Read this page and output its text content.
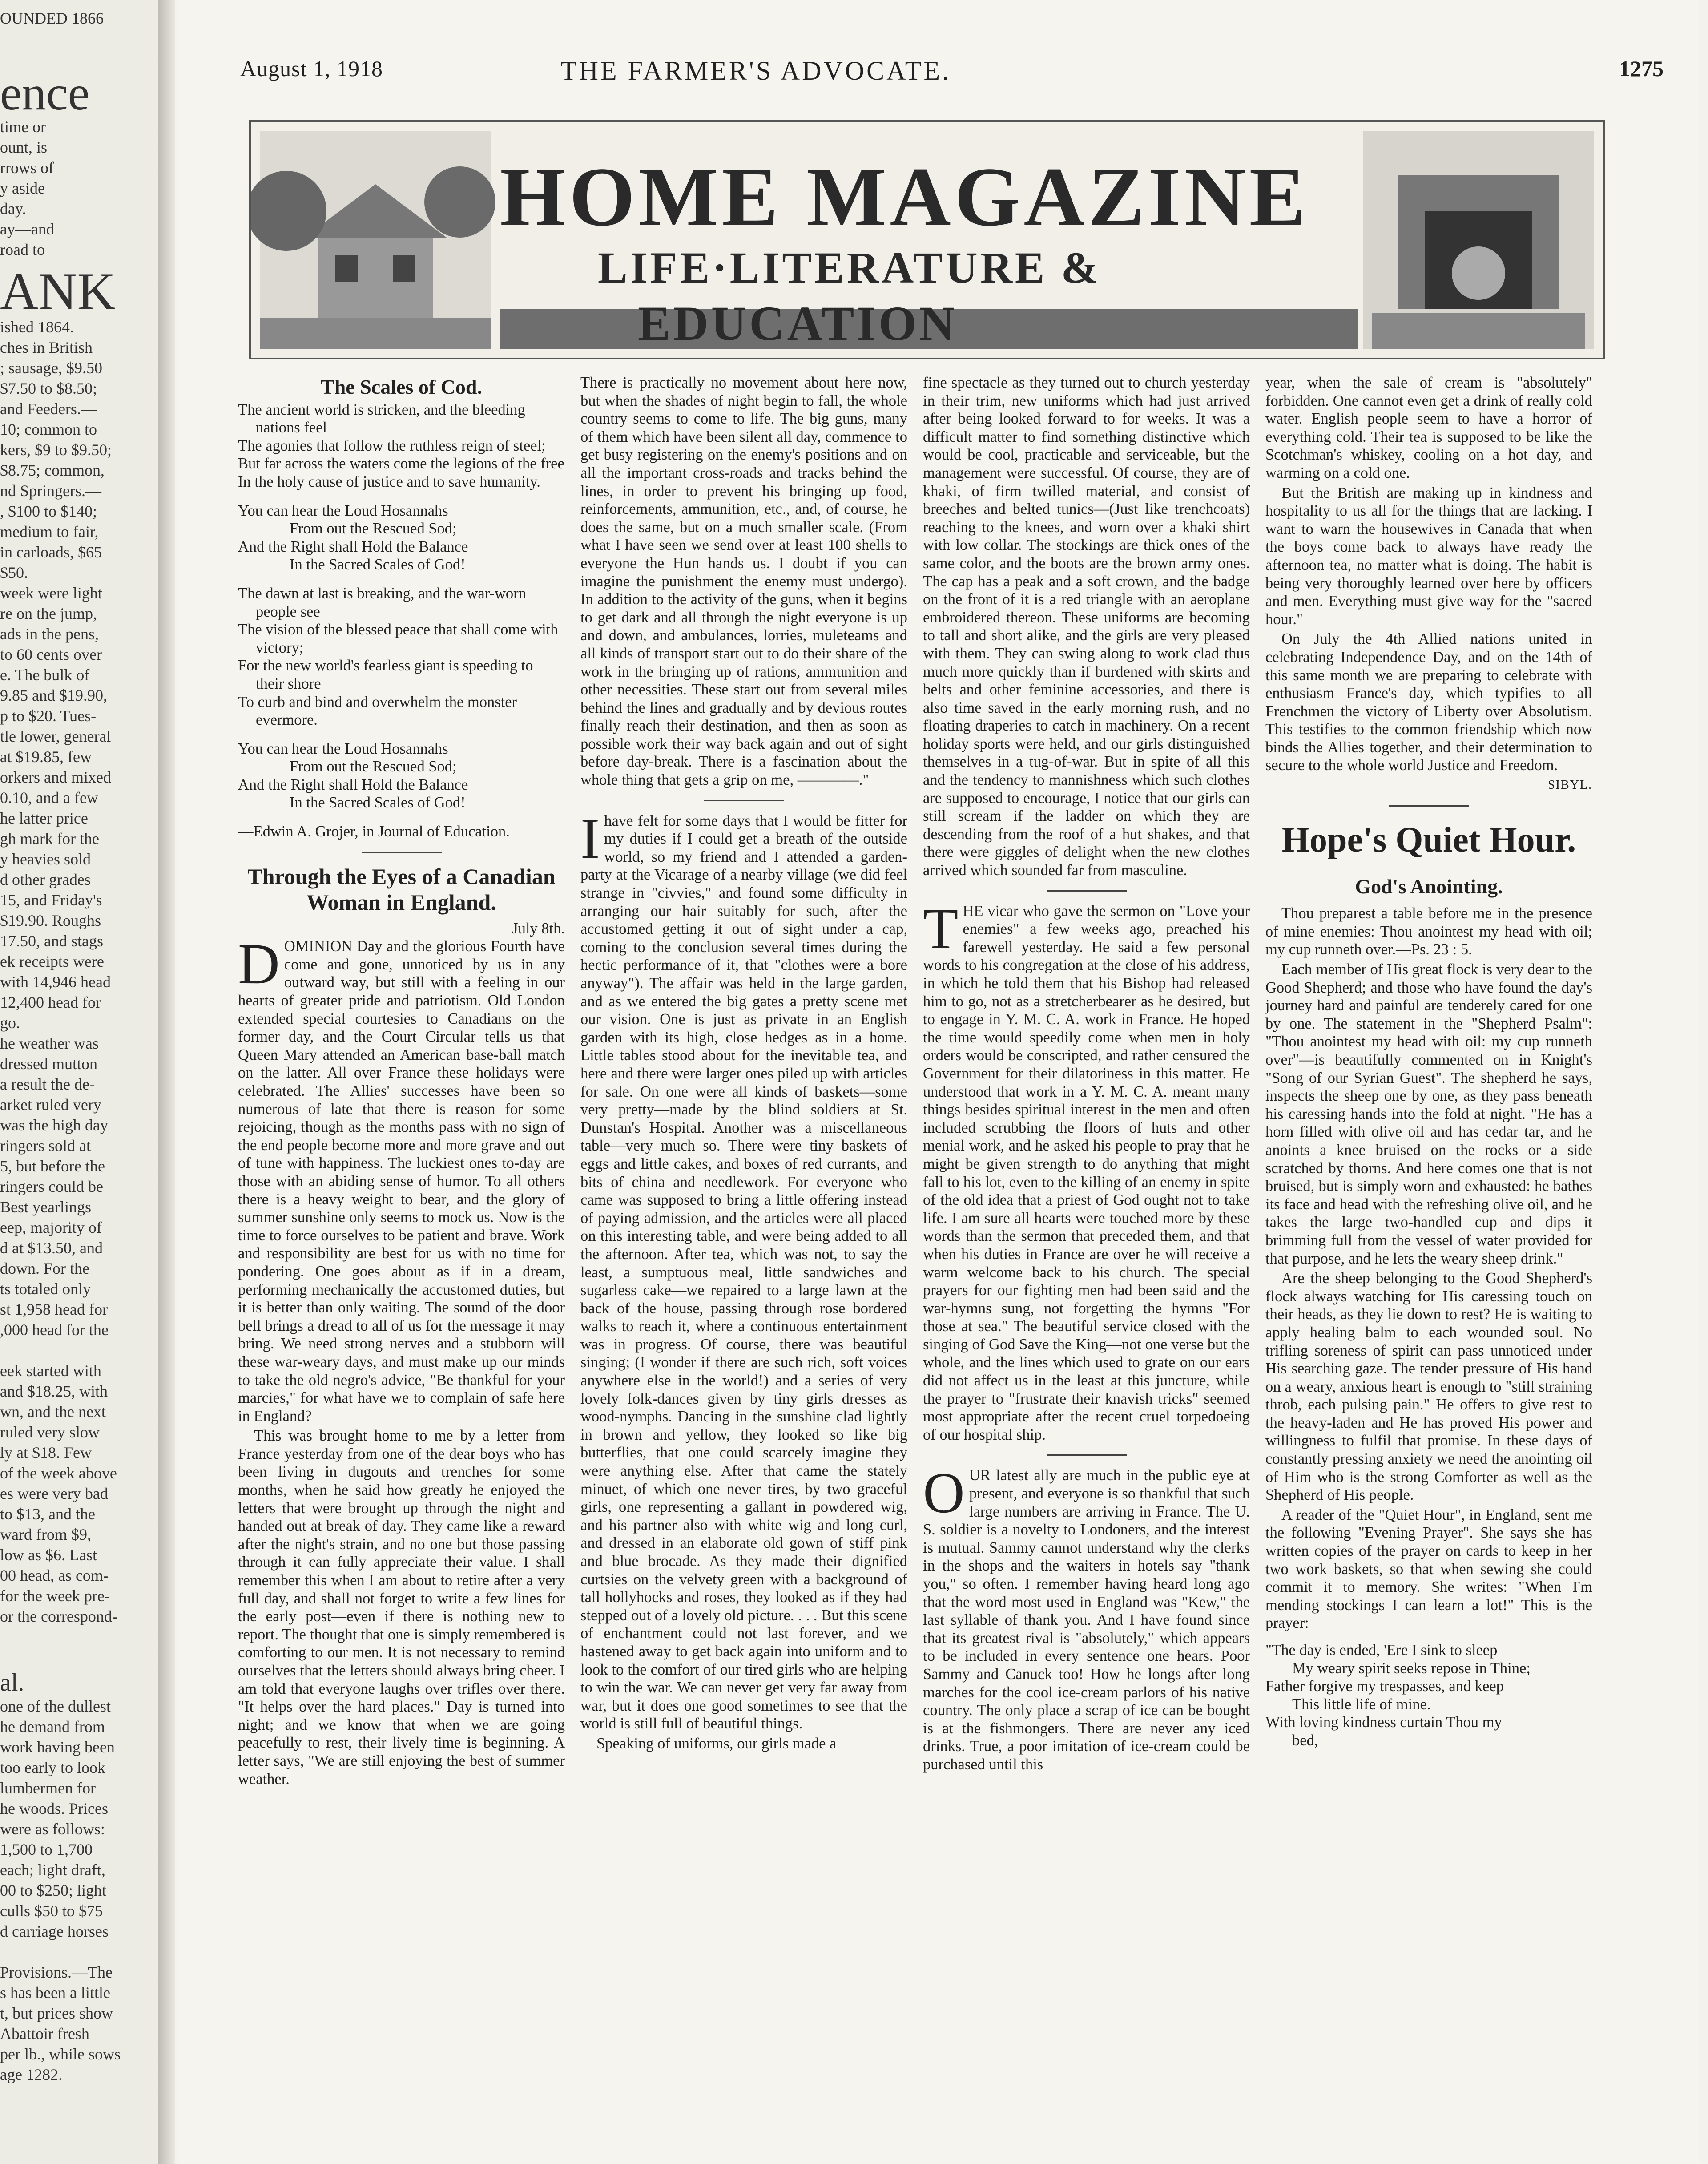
OUNDED 1866
ence
time or
ount, is
rrows of
y aside
day.
ay—and
road to
ANK
ished 1864.
ches in British
; sausage, $9.50
$7.50 to $8.50;
and Feeders.—
10; common to
kers, $9 to $9.50;
$8.75; common,
nd Springers.—
, $100 to $140;
medium to fair,
in carloads, $65
$50.
week were light
re on the jump,
ads in the pens,
to 60 cents over
e. The bulk of
9.85 and $19.90,
p to $20. Tues-
tle lower, general
at $19.85, few
orkers and mixed
0.10, and a few
he latter price
gh mark for the
y heavies sold
d other grades
15, and Friday's
$19.90. Roughs
17.50, and stags
ek receipts were
with 14,946 head
12,400 head for
go.
he weather was
dressed mutton
a result the de-
arket ruled very
was the high day
ringers sold at
5, but before the
ringers could be
Best yearlings
eep, majority of
d at $13.50, and
down. For the
ts totaled only
st 1,958 head for
,000 head for the
eek started with
and $18.25, with
wn, and the next
ruled very slow
ly at $18. Few
of the week above
es were very bad
to $13, and the
ward from $9,
low as $6. Last
00 head, as com-
for the week pre-
or the correspond-
al.
one of the dullest
he demand from
work having been
too early to look
lumbermen for
he woods. Prices
were as follows:
1,500 to 1,700
each; light draft,
00 to $250; light
culls $50 to $75
d carriage horses
Provisions.—The
s has been a little
t, but prices show
Abattoir fresh
per lb., while sows
age 1282.
August 1, 1918	THE FARMER'S ADVOCATE.	1275
HOME MAGAZINE
LIFE·LITERATURE &
EDUCATION
The Scales of Cod.

The ancient world is stricken, and the bleeding nations feel

The agonies that follow the ruthless reign of steel;

But far across the waters come the legions of the free

In the holy cause of justice and to save humanity.

You can hear the Loud Hosannahs

From out the Rescued Sod;

And the Right shall Hold the Balance

In the Sacred Scales of God!

The dawn at last is breaking, and the war-worn people see

The vision of the blessed peace that shall come with victory;

For the new world's fearless giant is speeding to their shore

To curb and bind and overwhelm the monster evermore.

You can hear the Loud Hosannahs

From out the Rescued Sod;

And the Right shall Hold the Balance

In the Sacred Scales of God!

—Edwin A. Grojer, in Journal of Education.
Through the Eyes of a Canadian Woman in England.
July 8th.

DOMINION Day and the glorious Fourth have come and gone, unnoticed by us in any outward way, but still with a feeling in our hearts of greater pride and patriotism. Old London extended special courtesies to Canadians on the former day, and the Court Circular tells us that Queen Mary attended an American base-ball match on the latter. All over France these holidays were celebrated. The Allies' successes have been so numerous of late that there is reason for some rejoicing, though as the months pass with no sign of the end people become more and more grave and out of tune with happiness. The luckiest ones to-day are those with an abiding sense of humor. To all others there is a heavy weight to bear, and the glory of summer sunshine only seems to mock us. Now is the time to force ourselves to be patient and brave. Work and responsibility are best for us with no time for pondering. One goes about as if in a dream, performing mechanically the accustomed duties, but it is better than only waiting. The sound of the door bell brings a dread to all of us for the message it may bring. We need strong nerves and a stubborn will these war-weary days, and must make up our minds to take the old negro's advice, "Be thankful for your marcies," for what have we to complain of safe here in England?

This was brought home to me by a letter from France yesterday from one of the dear boys who has been living in dugouts and trenches for some months, when he said how greatly he enjoyed the letters that were brought up through the night and handed out at break of day. They came like a reward after the night's strain, and no one but those passing through it can fully appreciate their value. I shall remember this when I am about to retire after a very full day, and shall not forget to write a few lines for the early post—even if there is nothing new to report. The thought that one is simply remembered is comforting to our men. It is not necessary to remind ourselves that the letters should always bring cheer. I am told that everyone laughs over trifles over there. "It helps over the hard places." Day is turned into night; and we know that when we are going peacefully to rest, their lively time is beginning. A letter says, "We are still enjoying the best of summer weather.

There is practically no movement about here now, but when the shades of night begin to fall, the whole country seems to come to life. The big guns, many of them which have been silent all day, commence to get busy registering on the enemy's positions and on all the important cross-roads and tracks behind the lines, in order to prevent his bringing up food, reinforcements, ammunition, etc., and, of course, he does the same, but on a much smaller scale. (From what I have seen we send over at least 100 shells to everyone the Hun hands us. I doubt if you can imagine the punishment the enemy must undergo). In addition to the activity of the guns, when it begins to get dark and all through the night everyone is up and down, and ambulances, lorries, muleteams and all kinds of transport start out to do their share of the work in the bringing up of rations, ammunition and other necessities. These start out from several miles behind the lines and gradually and by devious routes finally reach their destination, and then as soon as possible work their way back again and out of sight before day-break. There is a fascination about the whole thing that gets a grip on me, ————."

Ihave felt for some days that I would be fitter for my duties if I could get a breath of the outside world, so my friend and I attended a garden-party at the Vicarage of a nearby village (we did feel strange in "civvies," and found some difficulty in arranging our hair suitably for such, after the accustomed getting it out of sight under a cap, coming to the conclusion several times during the hectic performance of it, that "clothes were a bore anyway"). The affair was held in the large garden, and as we entered the big gates a pretty scene met our vision. One is just as private in an English garden with its high, close hedges as in a home. Little tables stood about for the inevitable tea, and here and there were larger ones piled up with articles for sale. On one were all kinds of baskets—some very pretty—made by the blind soldiers at St. Dunstan's Hospital. Another was a miscellaneous table—very much so. There were tiny baskets of eggs and little cakes, and boxes of red currants, and bits of china and needlework. For everyone who came was supposed to bring a little offering instead of paying admission, and the articles were all placed on this interesting table, and were being added to all the afternoon. After tea, which was not, to say the least, a sumptuous meal, little sandwiches and sugarless cake—we repaired to a large lawn at the back of the house, passing through rose bordered walks to reach it, where a continuous entertainment was in progress. Of course, there was beautiful singing; (I wonder if there are such rich, soft voices anywhere else in the world!) and a series of very lovely folk-dances given by tiny girls dresses as wood-nymphs. Dancing in the sunshine clad lightly in brown and yellow, they looked so like big butterflies, that one could scarcely imagine they were anything else. After that came the stately minuet, of which one never tires, by two graceful girls, one representing a gallant in powdered wig, and his partner also with white wig and long curl, and dressed in an elaborate old gown of stiff pink and blue brocade. As they made their dignified curtsies on the velvety green with a background of tall hollyhocks and roses, they looked as if they had stepped out of a lovely old picture. . . . But this scene of enchantment could not last forever, and we hastened away to get back again into uniform and to look to the comfort of our tired girls who are helping to win the war. We can never get very far away from war, but it does one good sometimes to see that the world is still full of beautiful things.

Speaking of uniforms, our girls made a

fine spectacle as they turned out to church yesterday in their trim, new uniforms which had just arrived after being looked forward to for weeks. It was a difficult matter to find something distinctive which would be cool, practicable and serviceable, but the management were successful. Of course, they are of khaki, of firm twilled material, and consist of breeches and belted tunics—(Just like trenchcoats) reaching to the knees, and worn over a khaki shirt with low collar. The stockings are thick ones of the same color, and the boots are the brown army ones. The cap has a peak and a soft crown, and the badge on the front of it is a red triangle with an aeroplane embroidered thereon. These uniforms are becoming to tall and short alike, and the girls are very pleased with them. They can swing along to work clad thus much more quickly than if burdened with skirts and belts and other feminine accessories, and there is also time saved in the early morning rush, and no floating draperies to catch in machinery. On a recent holiday sports were held, and our girls distinguished themselves in a tug-of-war. But in spite of all this and the tendency to mannishness which such clothes are supposed to encourage, I notice that our girls can still scream if the ladder on which they are descending from the roof of a hut shakes, and that there were giggles of delight when the new clothes arrived which sounded far from masculine.

THE vicar who gave the sermon on "Love your enemies" a few weeks ago, preached his farewell yesterday. He said a few personal words to his congregation at the close of his address, in which he told them that his Bishop had released him to go, not as a stretcherbearer as he desired, but to engage in Y. M. C. A. work in France. He hoped the time would speedily come when men in holy orders would be conscripted, and rather censured the Government for their dilatoriness in this matter. He understood that work in a Y. M. C. A. meant many things besides spiritual interest in the men and often included scrubbing the floors of huts and other menial work, and he asked his people to pray that he might be given strength to do anything that might fall to his lot, even to the killing of an enemy in spite of the old idea that a priest of God ought not to take life. I am sure all hearts were touched more by these words than the sermon that preceded them, and that when his duties in France are over he will receive a warm welcome back to his church. The special prayers for our fighting men had been said and the war-hymns sung, not forgetting the hymns "For those at sea." The beautiful service closed with the singing of God Save the King—not one verse but the whole, and the lines which used to grate on our ears did not affect us in the least at this juncture, while the prayer to "frustrate their knavish tricks" seemed most appropriate after the recent cruel torpedoeing of our hospital ship.

OUR latest ally are much in the public eye at present, and everyone is so thankful that such large numbers are arriving in France. The U. S. soldier is a novelty to Londoners, and the interest is mutual. Sammy cannot understand why the clerks in the shops and the waiters in hotels say "thank you," so often. I remember having heard long ago that the word most used in England was "Kew," the last syllable of thank you. And I have found since that its greatest rival is "absolutely," which appears to be included in every sentence one hears. Poor Sammy and Canuck too! How he longs after long marches for the cool ice-cream parlors of his native country. The only place a scrap of ice can be bought is at the fishmongers. There are never any iced drinks. True, a poor imitation of ice-cream could be purchased until this

year, when the sale of cream is "absolutely" forbidden. One cannot even get a drink of really cold water. English people seem to have a horror of everything cold. Their tea is supposed to be like the Scotchman's whiskey, cooling on a hot day, and warming on a cold one.

But the British are making up in kindness and hospitality to us all for the things that are lacking. I want to warn the housewives in Canada that when the boys come back to always have ready the afternoon tea, no matter what is doing. The habit is being very thoroughly learned over here by officers and men. Everything must give way for the "sacred hour."

On July the 4th Allied nations united in celebrating Independence Day, and on the 14th of this same month we are preparing to celebrate with enthusiasm France's day, which typifies to all Frenchmen the victory of Liberty over Absolutism. This testifies to the common friendship which now binds the Allies together, and their determination to secure to the whole world Justice and Freedom.

SIBYL.
Hope's Quiet Hour.
God's Anointing.

Thou preparest a table before me in the presence of mine enemies: Thou anointest my head with oil; my cup runneth over.—Ps. 23 : 5.

Each member of His great flock is very dear to the Good Shepherd; and those who have found the day's journey hard and painful are tenderely cared for one by one. The statement in the "Shepherd Psalm": "Thou anointest my head with oil: my cup runneth over"—is beautifully commented on in Knight's "Song of our Syrian Guest". The shepherd he says, inspects the sheep one by one, as they pass beneath his caressing hands into the fold at night. "He has a horn filled with olive oil and has cedar tar, and he anoints a knee bruised on the rocks or a side scratched by thorns. And here comes one that is not bruised, but is simply worn and exhausted: he bathes its face and head with the refreshing olive oil, and he takes the large two-handled cup and dips it brimming full from the vessel of water provided for that purpose, and he lets the weary sheep drink."

Are the sheep belonging to the Good Shepherd's flock always watching for His caressing touch on their heads, as they lie down to rest? He is waiting to apply healing balm to each wounded soul. No trifling soreness of spirit can pass unnoticed under His searching gaze. The tender pressure of His hand on a weary, anxious heart is enough to "still straining throb, each pulsing pain." He offers to give rest to the heavy-laden and He has proved His power and willingness to fulfil that promise. In these days of constantly pressing anxiety we need the anointing oil of Him who is the strong Comforter as well as the Shepherd of His people.

A reader of the "Quiet Hour", in England, sent me the following "Evening Prayer". She says she has written copies of the prayer on cards to keep in her two work baskets, so that when sewing she could commit it to memory. She writes: "When I'm mending stockings I can learn a lot!" This is the prayer:

"The day is ended, 'Ere I sink to sleep

My weary spirit seeks repose in Thine;

Father forgive my trespasses, and keep

This little life of mine.

With loving kindness curtain Thou my

bed,
